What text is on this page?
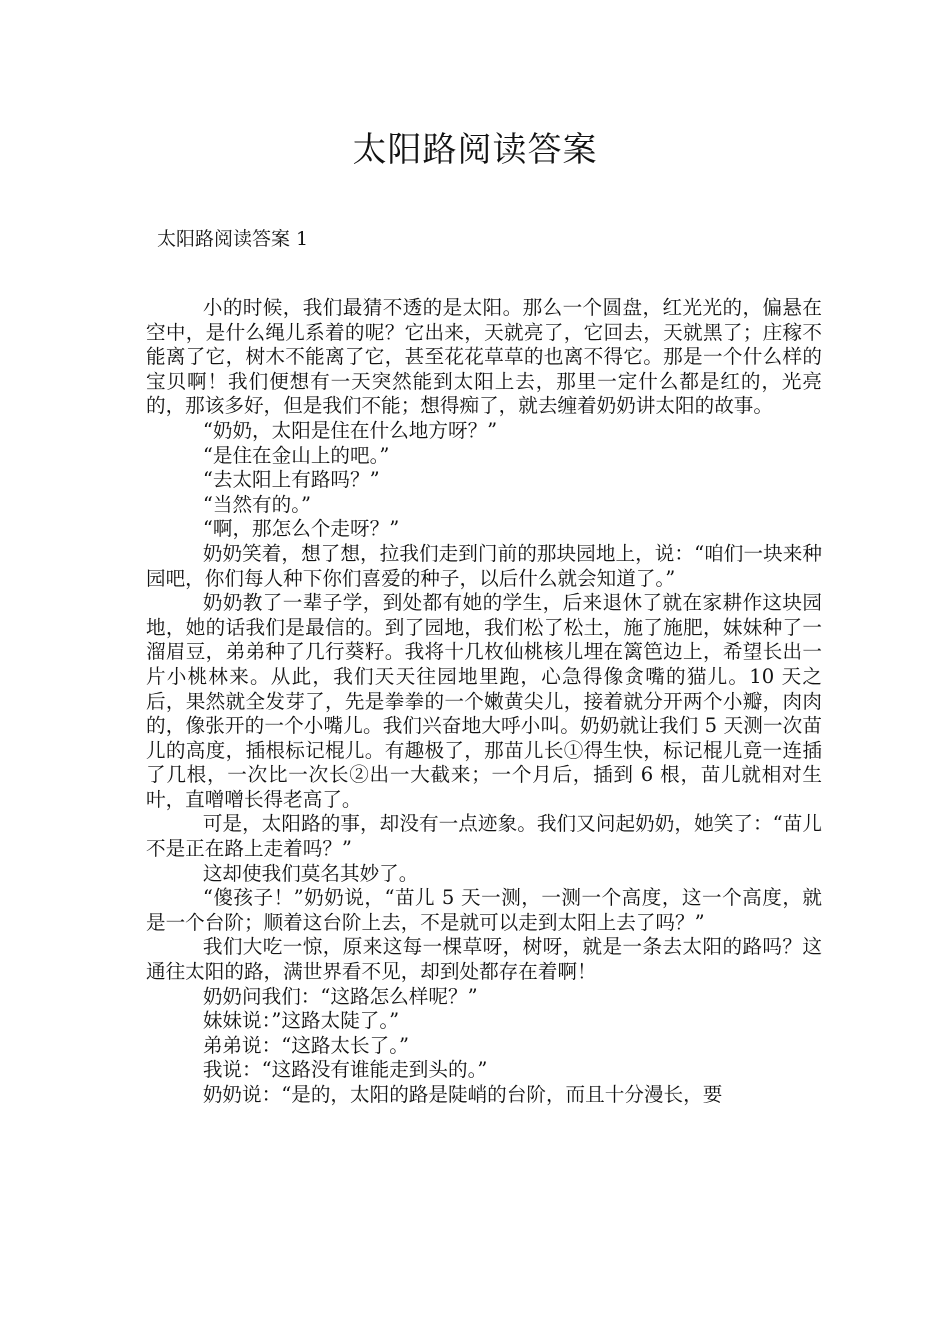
太阳路阅读答案
太阳路阅读答案 1

小的时候，我们最猜不透的是太阳。那么一个圆盘，红光光的，偏悬在空中，是什么绳儿系着的呢？它出来，天就亮了，它回去，天就黑了；庄稼不能离了它，树木不能离了它，甚至花花草草的也离不得它。那是一个什么样的宝贝啊！我们便想有一天突然能到太阳上去，那里一定什么都是红的，光亮的，那该多好，但是我们不能；想得痴了，就去缠着奶奶讲太阳的故事。

“奶奶，太阳是住在什么地方呀？”

“是住在金山上的吧。”

“去太阳上有路吗？”

“当然有的。”

“啊，那怎么个走呀？”

奶奶笑着，想了想，拉我们走到门前的那块园地上，说：“咱们一块来种园吧，你们每人种下你们喜爱的种子，以后什么就会知道了。”

奶奶教了一辈子学，到处都有她的学生，后来退休了就在家耕作这块园地，她的话我们是最信的。到了园地，我们松了松土，施了施肥，妹妹种了一溜眉豆，弟弟种了几行葵籽。我将十几枚仙桃核儿埋在篱笆边上，希望长出一片小桃林来。从此，我们天天往园地里跑，心急得像贪嘴的猫儿。10 天之后，果然就全发芽了，先是拳拳的一个嫩黄尖儿，接着就分开两个小瓣，肉肉的，像张开的一个小嘴儿。我们兴奋地大呼小叫。奶奶就让我们 5 天测一次苗儿的高度，插根标记棍儿。有趣极了，那苗儿长①得生快，标记棍儿竟一连插了几根，一次比一次长②出一大截来；一个月后，插到 6 根，苗儿就相对生叶，直噌噌长得老高了。

可是，太阳路的事，却没有一点迹象。我们又问起奶奶，她笑了：“苗儿不是正在路上走着吗？”

这却使我们莫名其妙了。

“傻孩子！”奶奶说，“苗儿 5 天一测，一测一个高度，这一个高度，就是一个台阶；顺着这台阶上去，不是就可以走到太阳上去了吗？”

我们大吃一惊，原来这每一棵草呀，树呀，就是一条去太阳的路吗？这通往太阳的路，满世界看不见，却到处都存在着啊！

奶奶问我们：“这路怎么样呢？”

妹妹说：”这路太陡了。”

弟弟说：“这路太长了。”

我说：“这路没有谁能走到头的。”

奶奶说：“是的，太阳的路是陡峭的台阶，而且十分漫长，要
